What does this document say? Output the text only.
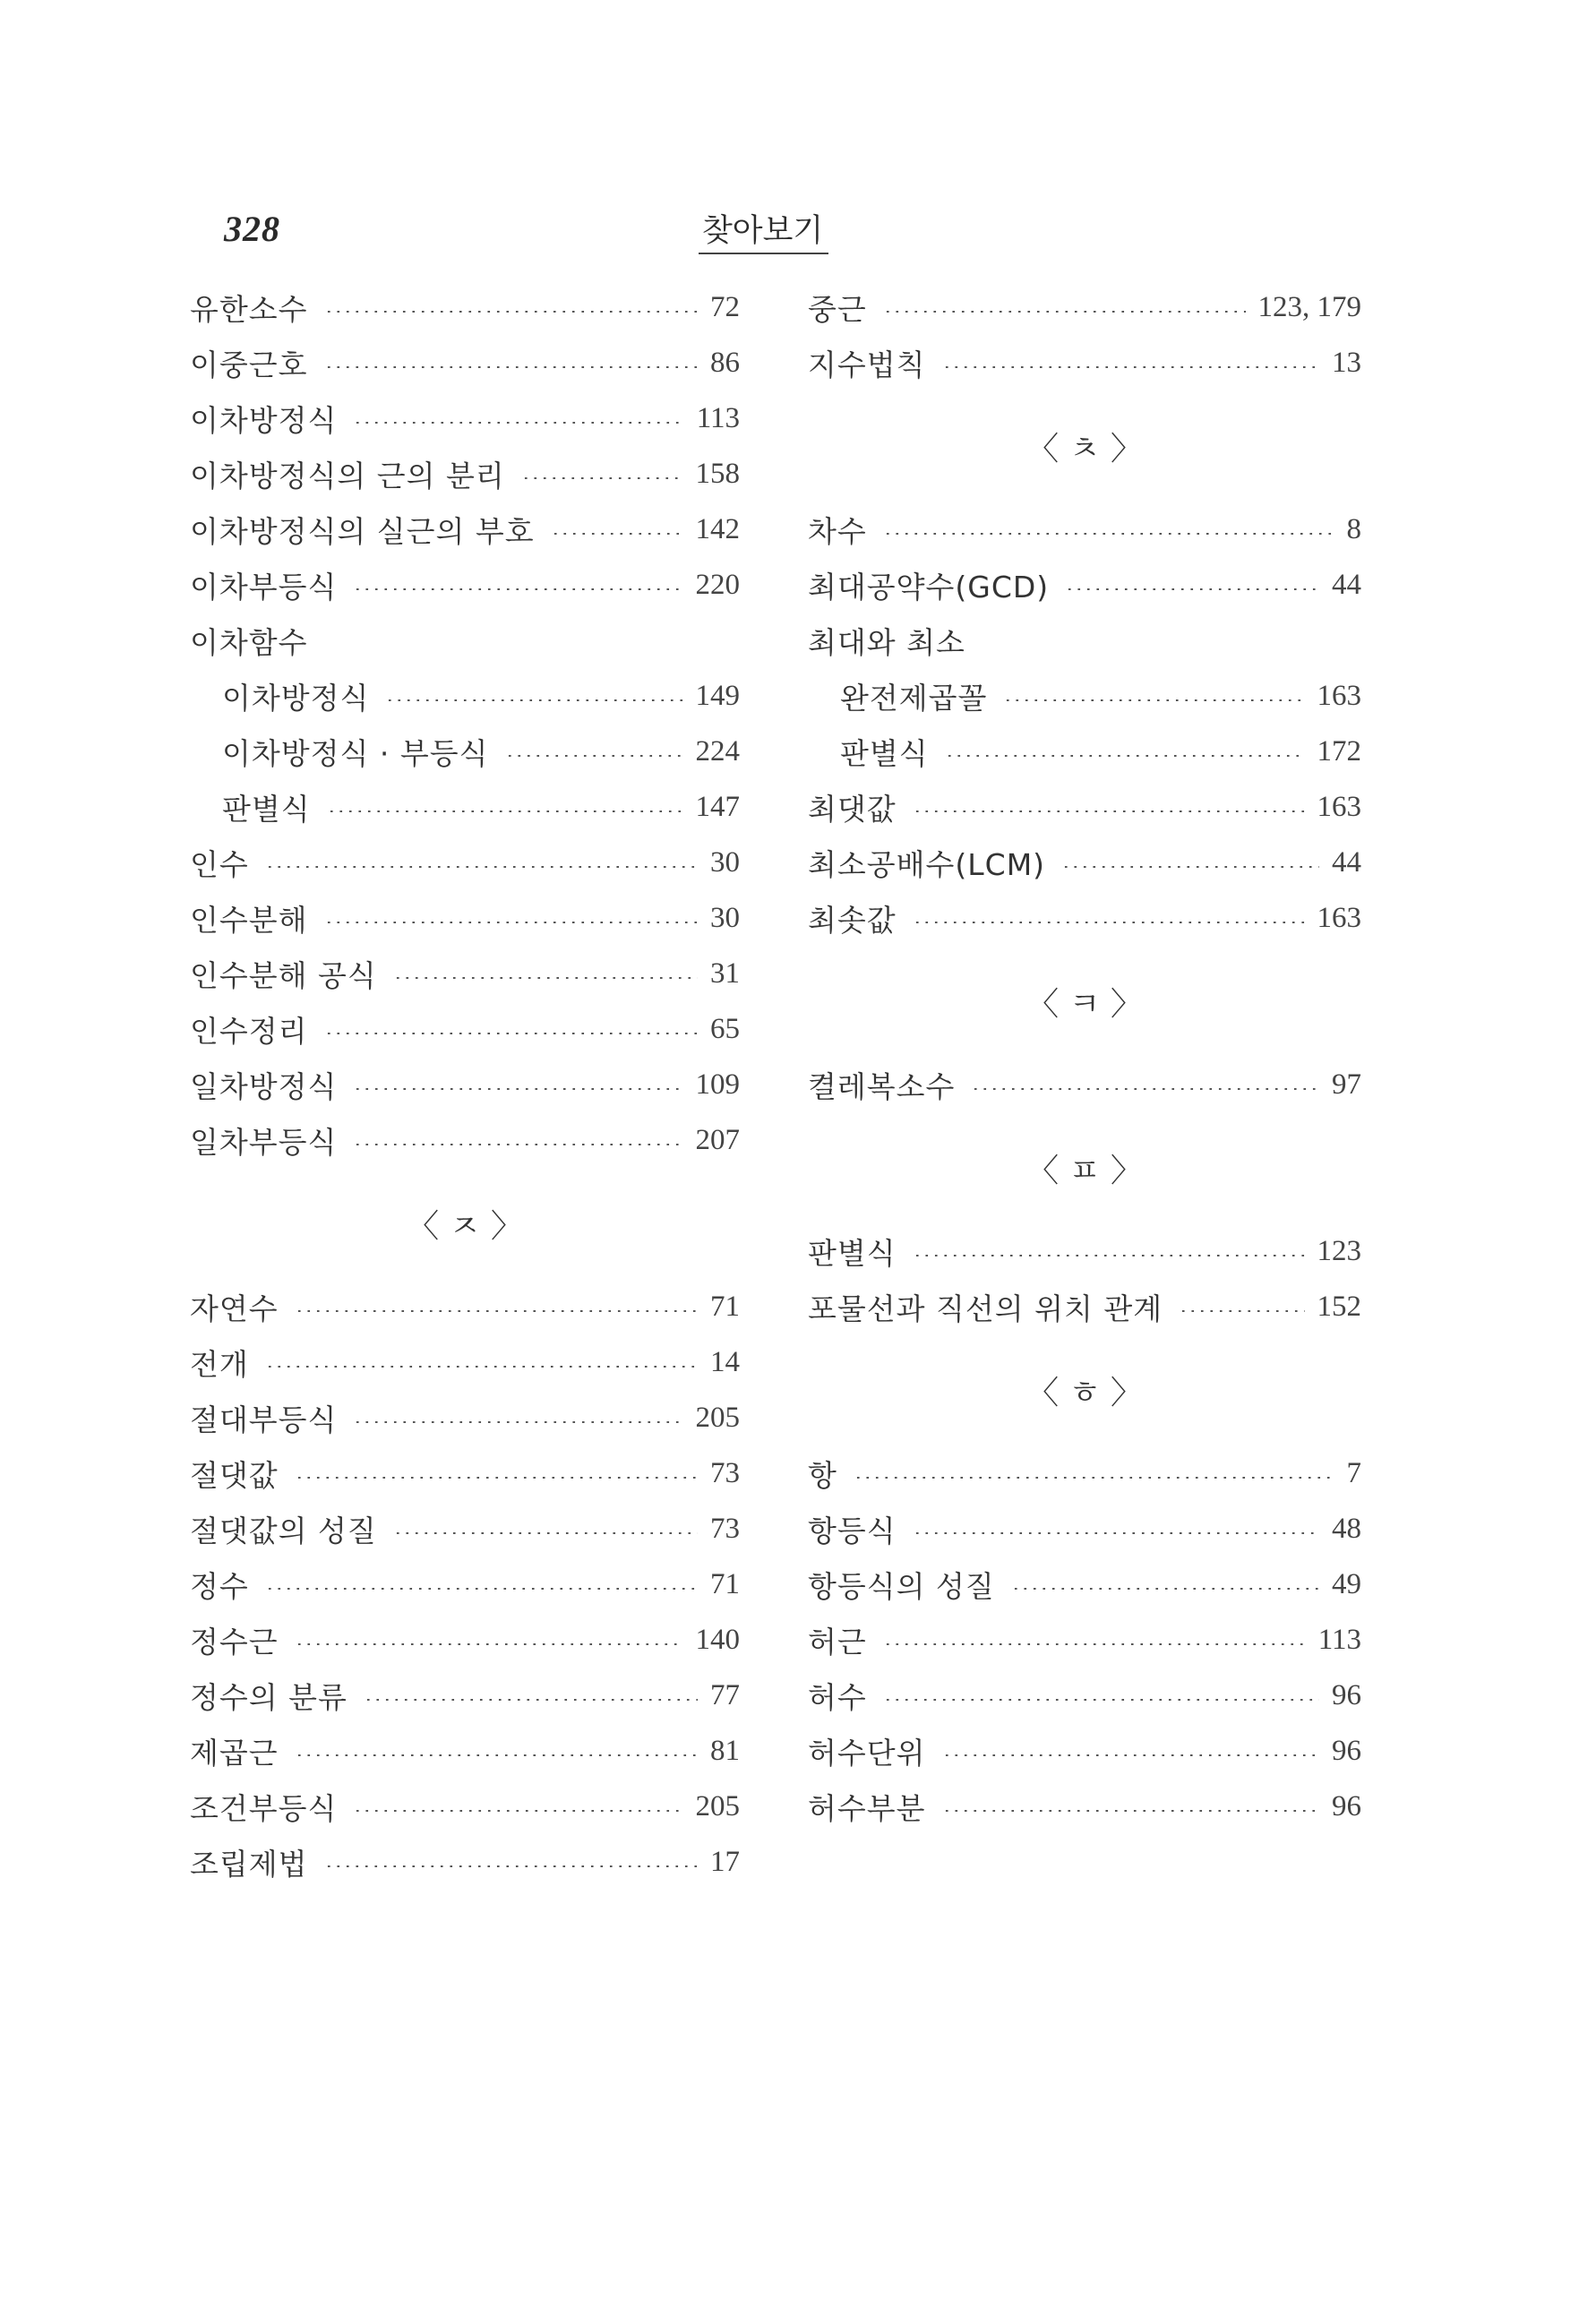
328	찾아보기
유한소수	72
이중근호	86
이차방정식	113
이차방정식의 근의 분리	158
이차방정식의 실근의 부호	142
이차부등식	220
이차함수
이차방정식	149
이차방정식 · 부등식	224
판별식	147
인수	30
인수분해	30
인수분해 공식	31
인수정리	65
일차방정식	109
일차부등식	207
〈 ㅈ 〉
자연수	71
전개	14
절대부등식	205
절댓값	73
절댓값의 성질	73
정수	71
정수근	140
정수의 분류	77
제곱근	81
조건부등식	205
조립제법	17
중근	123, 179
지수법칙	13
〈 ㅊ 〉
차수	8
최대공약수(GCD)	44
최대와 최소
완전제곱꼴	163
판별식	172
최댓값	163
최소공배수(LCM)	44
최솟값	163
〈 ㅋ 〉
켤레복소수	97
〈 ㅍ 〉
판별식	123
포물선과 직선의 위치 관계	152
〈 ㅎ 〉
항	7
항등식	48
항등식의 성질	49
허근	113
허수	96
허수단위	96
허수부분	96
